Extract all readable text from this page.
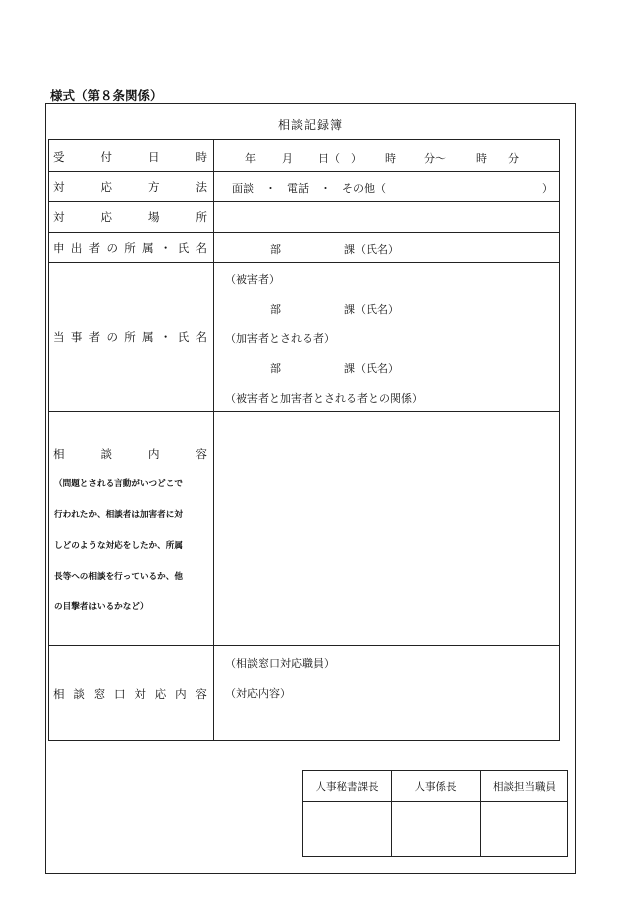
様式（第８条関係）
相談記録簿
受	付	日	時	年 月 日（　） 時	分～	時 分
対	応	方	法 面談　・　電話　・　その他（	）
対	応	場	所
申 出 者 の 所 属 ・ 氏 名	部	課（氏名）
当 事 者 の 所 属 ・ 氏 名
（被害者）
部	課（氏名）
（加害者とされる者）
部	課（氏名）
（被害者と加害者とされる者との関係）
相	談	内	容
（問題とされる言動がいつどこで
行われたか、相談者は加害者に対
しどのような対応をしたか、所属
長等への相談を行っているか、他
の目撃者はいるかなど）
相 談 窓 口 対 応 内 容
（相談窓口対応職員）
（対応内容）
人事秘書課長	人事係長	相談担当職員
